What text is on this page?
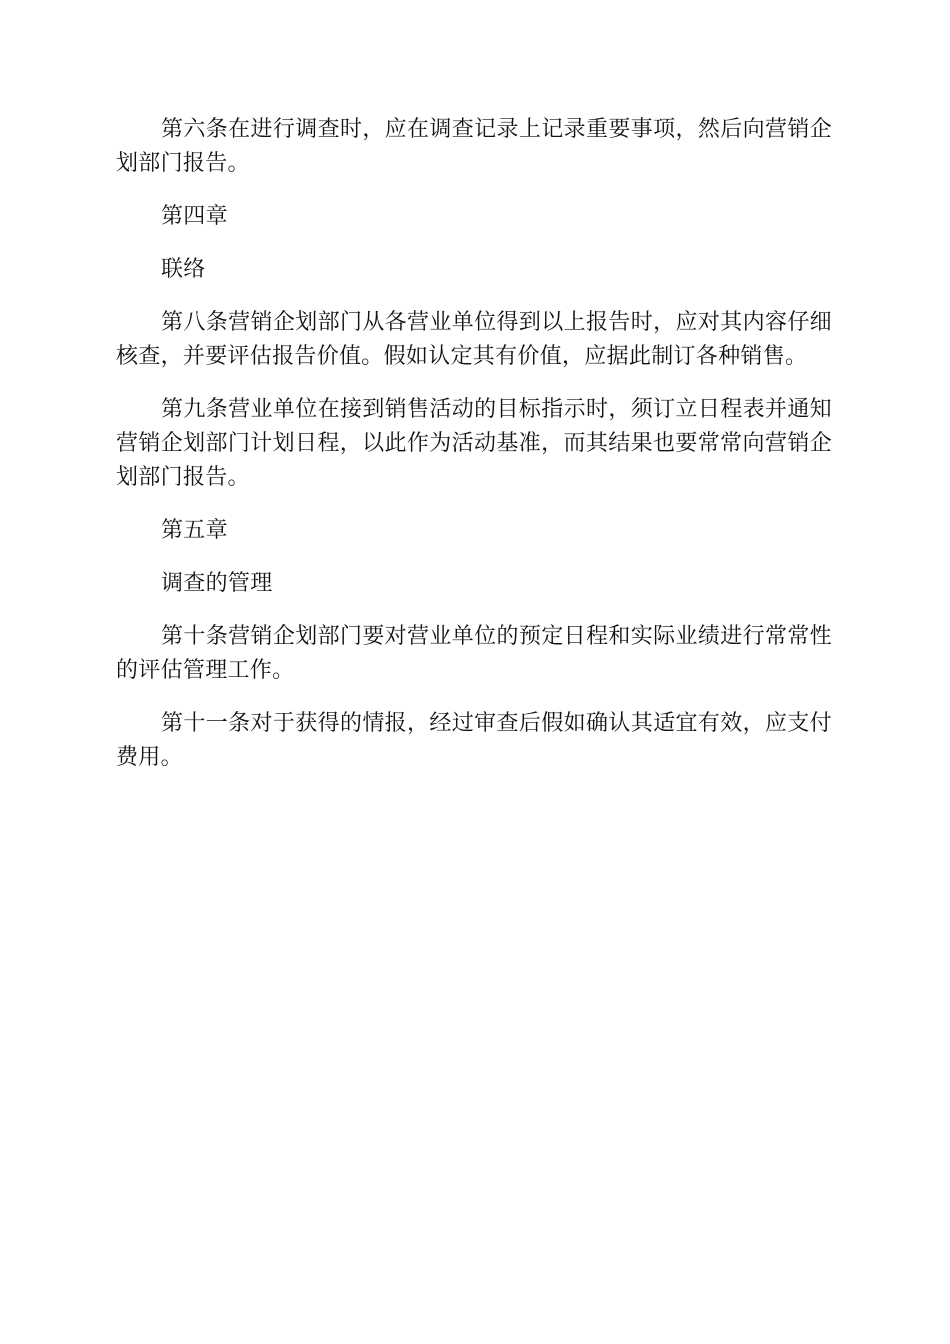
第六条在进行调查时，应在调查记录上记录重要事项，然后向营销企划部门报告。

第四章

联络

第八条营销企划部门从各营业单位得到以上报告时，应对其内容仔细核查，并要评估报告价值。假如认定其有价值，应据此制订各种销售。

第九条营业单位在接到销售活动的目标指示时，须订立日程表并通知营销企划部门计划日程，以此作为活动基准，而其结果也要常常向营销企划部门报告。

第五章

调查的管理

第十条营销企划部门要对营业单位的预定日程和实际业绩进行常常性的评估管理工作。

第十一条对于获得的情报，经过审查后假如确认其适宜有效，应支付费用。
